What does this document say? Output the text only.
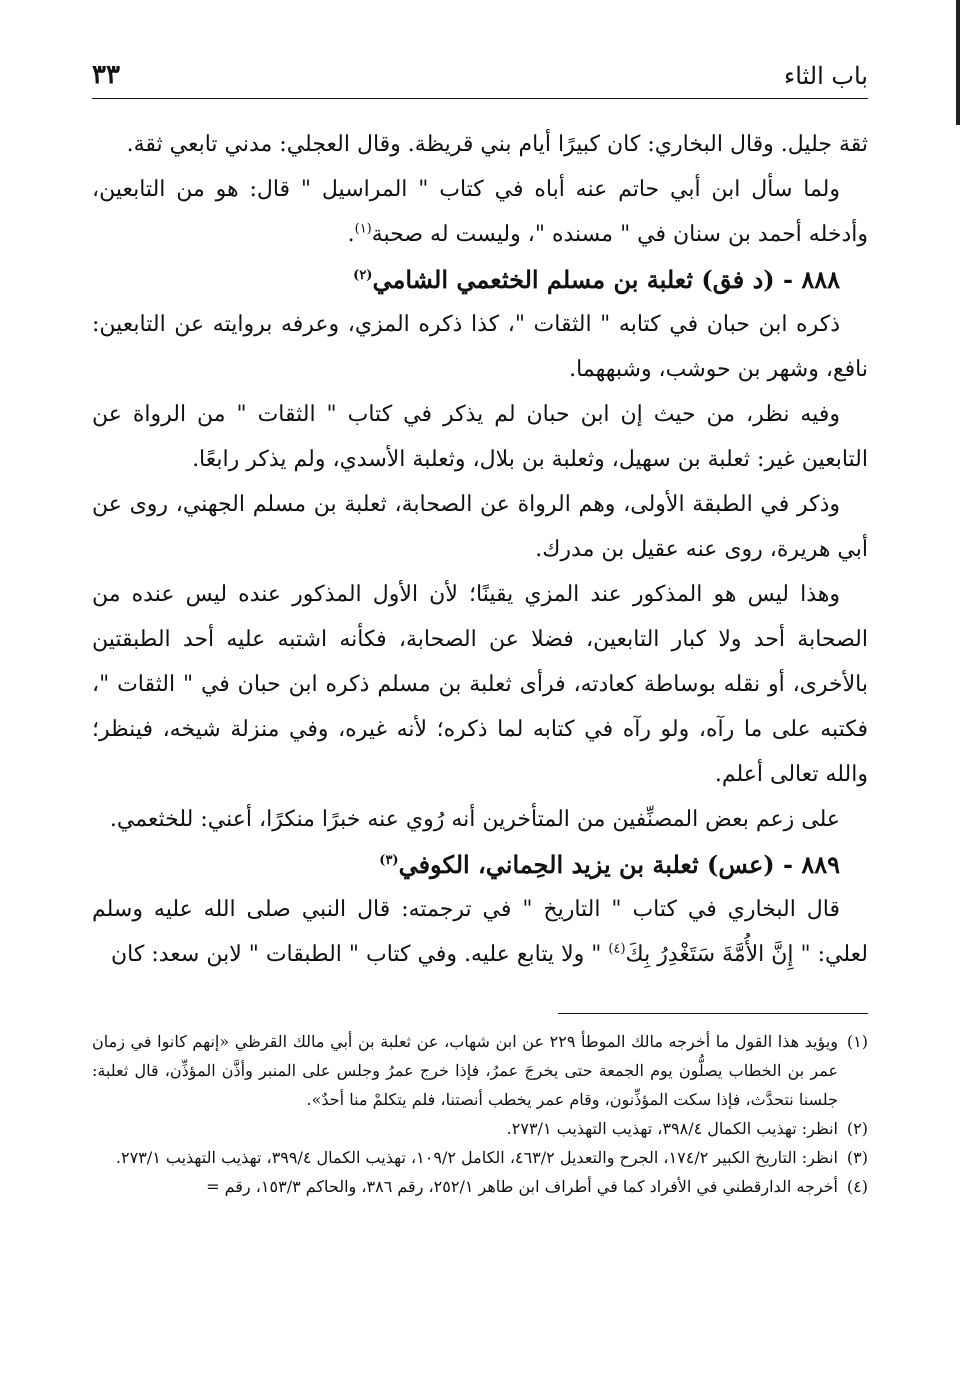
باب الثاء
٣٣

ثقة جليل. وقال البخاري: كان كبيرًا أيام بني قريظة. وقال العجلي: مدني تابعي ثقة.

ولما سأل ابن أبي حاتم عنه أباه في كتاب " المراسيل " قال: هو من التابعين، وأدخله أحمد بن سنان في " مسنده "، وليست له صحبة$^{(١)}$.

٨٨٨ - (د فق) ثعلبة بن مسلم الخثعمي الشامي$^{(٢)}$

ذكره ابن حبان في كتابه " الثقات "، كذا ذكره المزي، وعرفه بروايته عن التابعين: نافع، وشهر بن حوشب، وشبههما.

وفيه نظر، من حيث إن ابن حبان لم يذكر في كتاب " الثقات " من الرواة عن التابعين غير: ثعلبة بن سهيل، وثعلبة بن بلال، وثعلبة الأسدي، ولم يذكر رابعًا.

وذكر في الطبقة الأولى، وهم الرواة عن الصحابة، ثعلبة بن مسلم الجهني، روى عن أبي هريرة، روى عنه عقيل بن مدرك.

وهذا ليس هو المذكور عند المزي يقينًا؛ لأن الأول المذكور عنده ليس عنده من الصحابة أحد ولا كبار التابعين، فضلا عن الصحابة، فكأنه اشتبه عليه أحد الطبقتين بالأخرى، أو نقله بوساطة كعادته، فرأى ثعلبة بن مسلم ذكره ابن حبان في " الثقات "، فكتبه على ما رآه، ولو رآه في كتابه لما ذكره؛ لأنه غيره، وفي منزلة شيخه، فينظر؛ والله تعالى أعلم.

على زعم بعض المصنِّفين من المتأخرين أنه رُوي عنه خبرًا منكرًا، أعني: للخثعمي.

٨٨٩ - (عس) ثعلبة بن يزيد الحِماني، الكوفي$^{(٣)}$

قال البخاري في كتاب " التاريخ " في ترجمته: قال النبي صلى الله عليه وسلم لعلي: " إِنَّ الأُمَّةَ سَتَغْدِرُ بِكَ$^{(٤)}$ " ولا يتابع عليه. وفي كتاب " الطبقات " لابن سعد: كان

(١)
ويؤيد هذا القول ما أخرجه مالك الموطأ ٢٢٩ عن ابن شهاب، عن ثعلبة بن أبي مالك القرظي «إنهم كانوا في زمان عمر بن الخطاب يصلُّون يوم الجمعة حتى يخرجَ عمرُ، فإذا خرج عمرُ وجلس على المنبر وأذَّن المؤذِّن، قال ثعلبة: جلسنا نتحدَّث، فإذا سكت المؤذِّنون، وقام عمر يخطب أنصتنا، فلم يتكلمْ منا أحدٌ».

(٢)
انظر: تهذيب الكمال ٣٩٨/٤، تهذيب التهذيب ٢٧٣/١.

(٣)
انظر: التاريخ الكبير ١٧٤/٢، الجرح والتعديل ٤٦٣/٢، الكامل ١٠٩/٢، تهذيب الكمال ٣٩٩/٤، تهذيب التهذيب ٢٧٣/١.

(٤)
أخرجه الدارقطني في الأفراد كما في أطراف ابن طاهر ٢٥٢/١، رقم ٣٨٦، والحاكم ١٥٣/٣، رقم =
